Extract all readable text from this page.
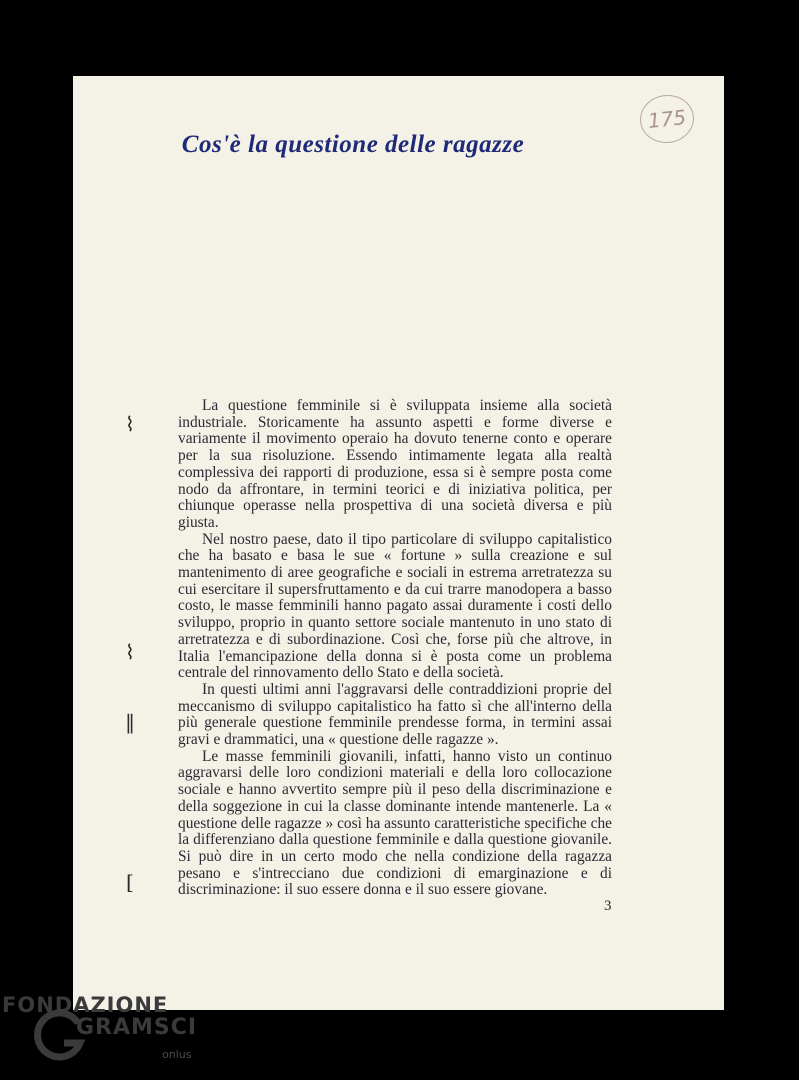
175
Cos'è la questione delle ragazze

La questione femminile si è sviluppata insieme alla società industriale. Storicamente ha assunto aspetti e forme diverse e variamente il movimento operaio ha dovuto tenerne conto e operare per la sua risoluzione. Essendo intimamente legata alla realtà complessiva dei rapporti di produzione, essa si è sempre posta come nodo da affrontare, in termini teorici e di iniziativa politica, per chiunque operasse nella prospettiva di una società diversa e più giusta.

Nel nostro paese, dato il tipo particolare di sviluppo capitalistico che ha basato e basa le sue « fortune » sulla creazione e sul mantenimento di aree geografiche e sociali in estrema arretratezza su cui esercitare il supersfruttamento e da cui trarre manodopera a basso costo, le masse femminili hanno pagato assai duramente i costi dello sviluppo, proprio in quanto settore sociale mantenuto in uno stato di arretratezza e di subordinazione. Così che, forse più che altrove, in Italia l'emancipazione della donna si è posta come un problema centrale del rinnovamento dello Stato e della società.

In questi ultimi anni l'aggravarsi delle contraddizioni proprie del meccanismo di sviluppo capitalistico ha fatto sì che all'interno della più generale questione femminile prendesse forma, in termini assai gravi e drammatici, una « questione delle ragazze ».

Le masse femminili giovanili, infatti, hanno visto un continuo aggravarsi delle loro condizioni materiali e della loro collocazione sociale e hanno avvertito sempre più il peso della discriminazione e della soggezione in cui la classe dominante intende mantenerle. La « questione delle ragazze » così ha assunto caratteristiche specifiche che la differenziano dalla questione femminile e dalla questione giovanile. Si può dire in un certo modo che nella condizione della ragazza pesano e s'intrecciano due condizioni di emarginazione e di discriminazione: il suo essere donna e il suo essere giovane.

⌇
⌇
‖
[
3
FONDAZIONE
GRAMSCI
onlus
